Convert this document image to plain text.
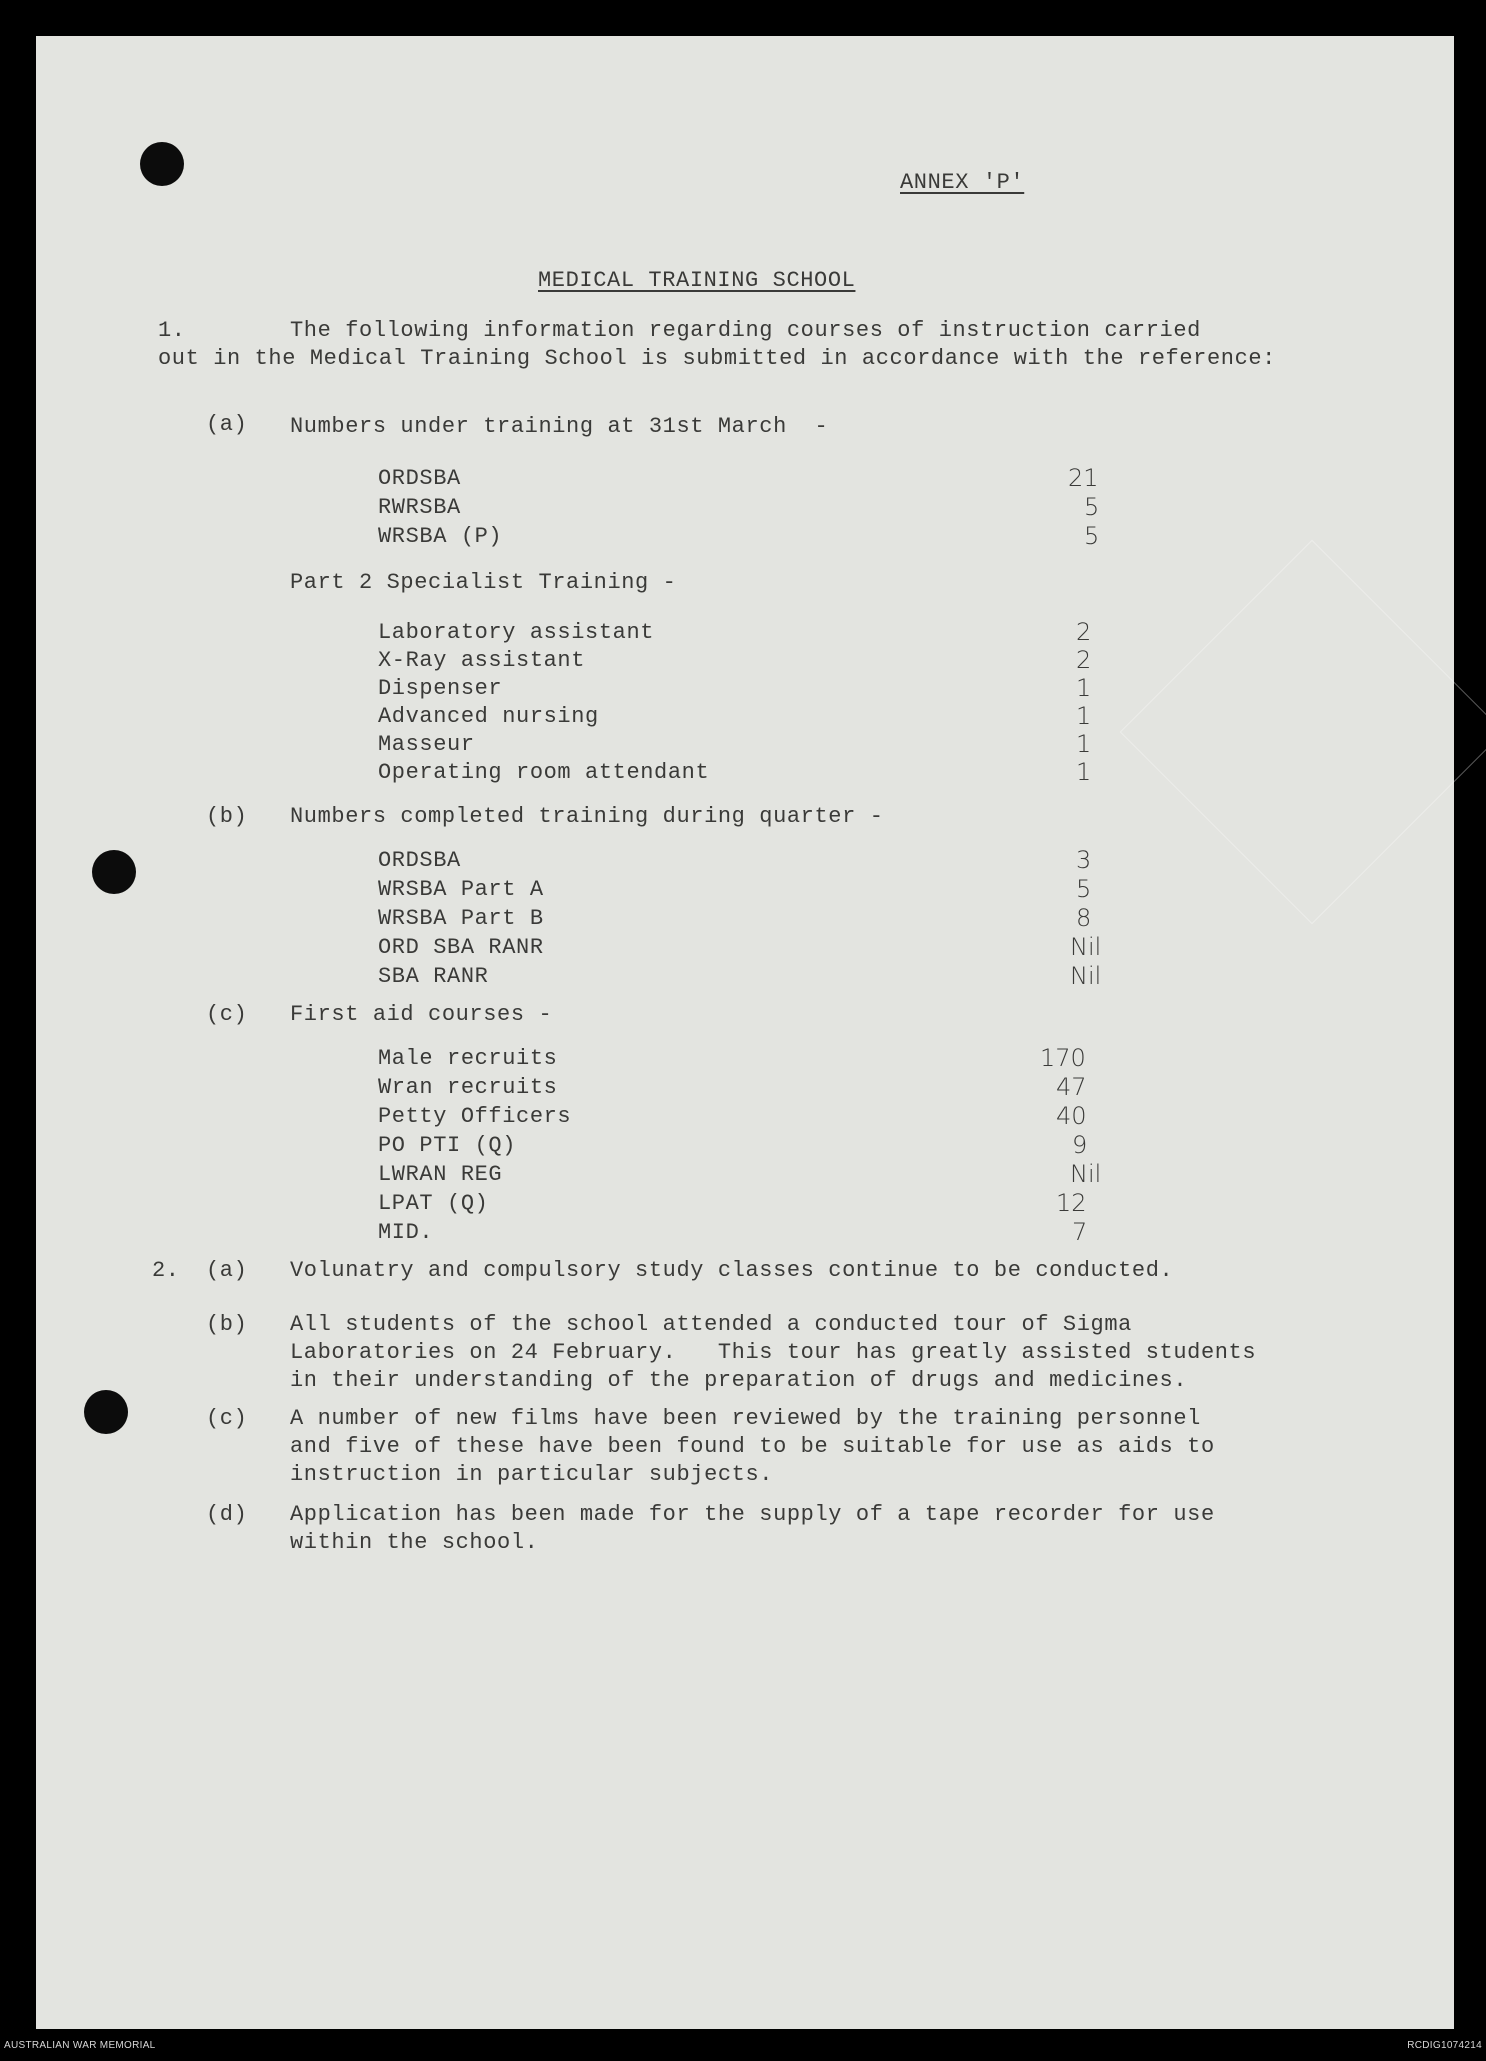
ANNEX 'P'
MEDICAL TRAINING SCHOOL
1.	The following information regarding courses of instruction carried
out in the Medical Training School is submitted in accordance with the reference:
(a) Numbers under training at 31st March  -
Part 2 Specialist Training -
(b) Numbers completed training during quarter -
(c) First aid courses -
2.
ORDSBA	21
RWRSBA	5
WRSBA (P)	5
Laboratory assistant	2
X-Ray assistant	2
Dispenser	1
Advanced nursing	1
Masseur	1
Operating room attendant	1
ORDSBA	3
WRSBA Part A	5
WRSBA Part B	8
ORD SBA RANR	Nil
SBA RANR	Nil
Male recruits	170
Wran recruits	47
Petty Officers	40
PO PTI (Q)	9
LWRAN REG	Nil
LPAT (Q)	12
MID.	7
(a) Volunatry and compulsory study classes continue to be conducted.
(b) All students of the school attended a conducted tour of Sigma
Laboratories on 24 February.   This tour has greatly assisted students
in their understanding of the preparation of drugs and medicines.
(c) A number of new films have been reviewed by the training personnel
and five of these have been found to be suitable for use as aids to
instruction in particular subjects.
(d) Application has been made for the supply of a tape recorder for use
within the school.
AUSTRALIAN WAR MEMORIAL	RCDIG1074214
